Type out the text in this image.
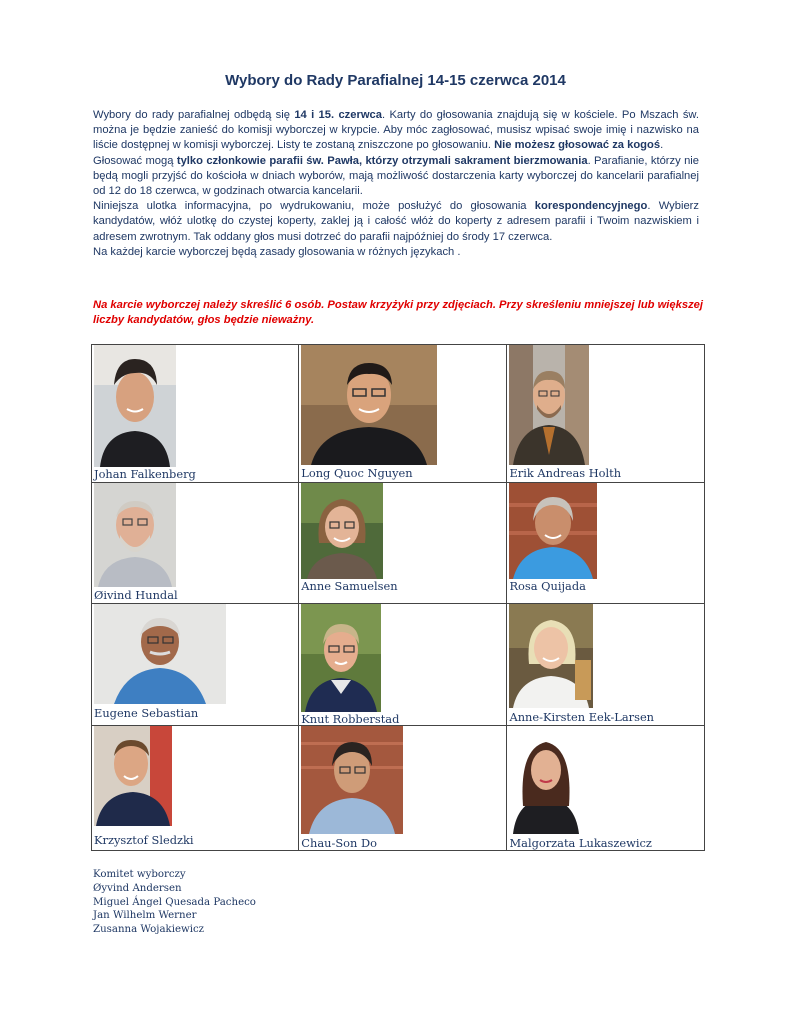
Wybory do Rady Parafialnej 14-15 czerwca 2014

Wybory do rady parafialnej odbędą się 14 i 15. czerwca. Karty do głosowania znajdują się w kościele. Po Mszach św. można je będzie zanieść do komisji wyborczej w krypcie. Aby móc zagłosować, musisz wpisać swoje imię i nazwisko na liście dostępnej w komisji wyborczej. Listy te zostaną zniszczone po głosowaniu. Nie możesz głosować za kogoś.

Głosować mogą tylko członkowie parafii św. Pawła, którzy otrzymali sakrament bierzmowania. Parafianie, którzy nie będą mogli przyjść do kościoła w dniach wyborów, mają możliwość dostarczenia karty wyborczej do kancelarii parafialnej od 12 do 18 czerwca, w godzinach otwarcia kancelarii.

Niniejsza ulotka informacyjna, po wydrukowaniu, może posłużyć do głosowania korespondencyjnego. Wybierz kandydatów, włóż ulotkę do czystej koperty, zaklej ją i całość włóż do koperty z adresem parafii i Twoim nazwiskiem i adresem zwrotnym. Tak oddany głos musi dotrzeć do parafii najpóźniej do środy 17 czerwca.

Na każdej karcie wyborczej będą zasady glosowania w różnych językach .

Na karcie wyborczej należy skreślić 6 osób. Postaw krzyżyki przy zdjęciach. Przy skreśleniu mniejszej lub większej liczby kandydatów, głos będzie nieważny.
Johan Falkenberg	Long Quoc Nguyen	Erik Andreas Holth

Øivind Hundal	Anne Samuelsen	Rosa Quijada

Eugene Sebastian	Knut Robberstad	Anne-Kirsten Eek-Larsen

Krzysztof Sledzki	Chau-Son Do	Malgorzata Lukaszewicz
Komitet wyborczy
Øyvind Andersen
Miguel Ángel Quesada Pacheco
Jan Wilhelm Werner
Zusanna Wojakiewicz
